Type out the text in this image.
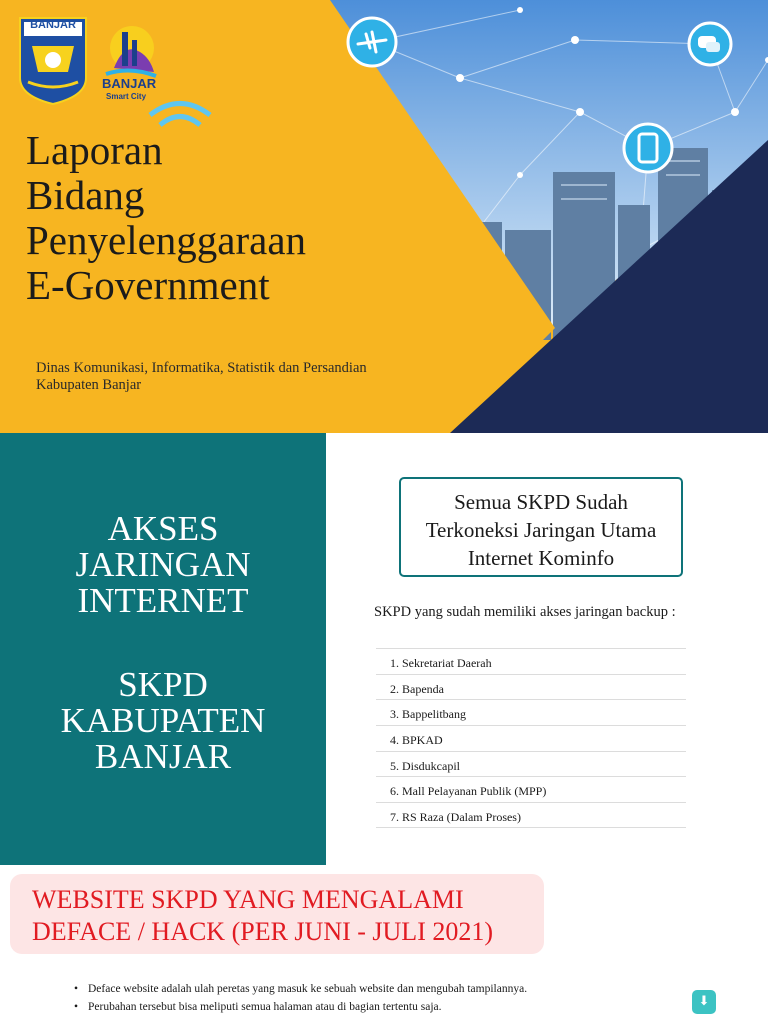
BANJAR
BANJAR
Smart City
Laporan
Bidang
Penyelenggaraan
E-Government
Dinas Komunikasi, Informatika, Statistik dan Persandian
Kabupaten Banjar
AKSES
JARINGAN
INTERNET
SKPD
KABUPATEN
BANJAR
Semua SKPD Sudah
Terkoneksi Jaringan Utama
Internet Kominfo
SKPD yang sudah memiliki akses jaringan backup :
1. Sekretariat Daerah
2. Bapenda
3. Bappelitbang
4. BPKAD
5. Disdukcapil
6. Mall Pelayanan Publik (MPP)
7. RS Raza (Dalam Proses)
WEBSITE SKPD YANG MENGALAMI
DEFACE / HACK (PER JUNI - JULI 2021)
• Deface website adalah ulah peretas yang masuk ke sebuah website dan mengubah tampilannya.
• Perubahan tersebut bisa meliputi semua halaman atau di bagian tertentu saja.	⬇
